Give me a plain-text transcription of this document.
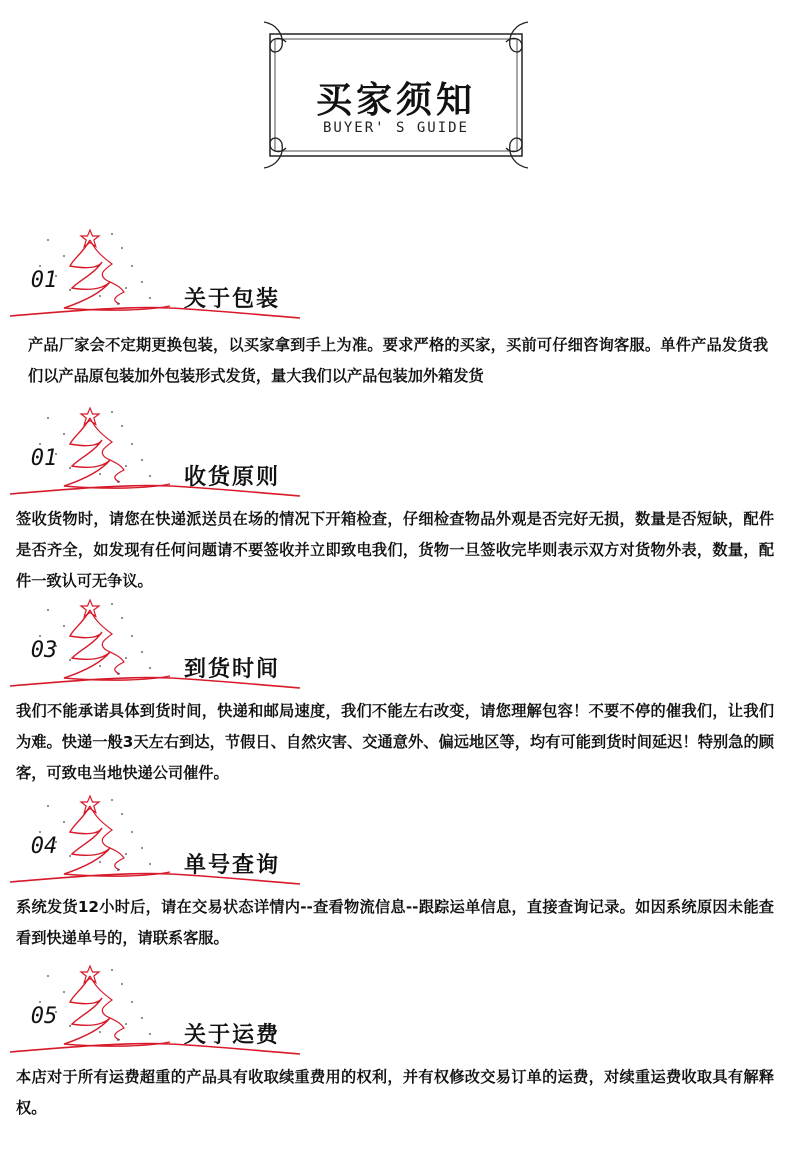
买家须知
BUYER' S GUIDE
01
关于包装
产品厂家会不定期更换包装，以买家拿到手上为准。要求严格的买家，买前可仔细咨询客服。单件产品发货我们以产品原包装加外包装形式发货，量大我们以产品包装加外箱发货
01
收货原则
签收货物时，请您在快递派送员在场的情况下开箱检查，仔细检查物品外观是否完好无损，数量是否短缺，配件是否齐全，如发现有任何问题请不要签收并立即致电我们，货物一旦签收完毕则表示双方对货物外表，数量，配件一致认可无争议。
03
到货时间
我们不能承诺具体到货时间，快递和邮局速度，我们不能左右改变，请您理解包容！不要不停的催我们，让我们为难。快递一般3天左右到达，节假日、自然灾害、交通意外、偏远地区等，均有可能到货时间延迟！特别急的顾客，可致电当地快递公司催件。
04
单号查询
系统发货12小时后，请在交易状态详情内--查看物流信息--跟踪运单信息，直接查询记录。如因系统原因未能查看到快递单号的，请联系客服。
05
关于运费
本店对于所有运费超重的产品具有收取续重费用的权利，并有权修改交易订单的运费，对续重运费收取具有解释权。
